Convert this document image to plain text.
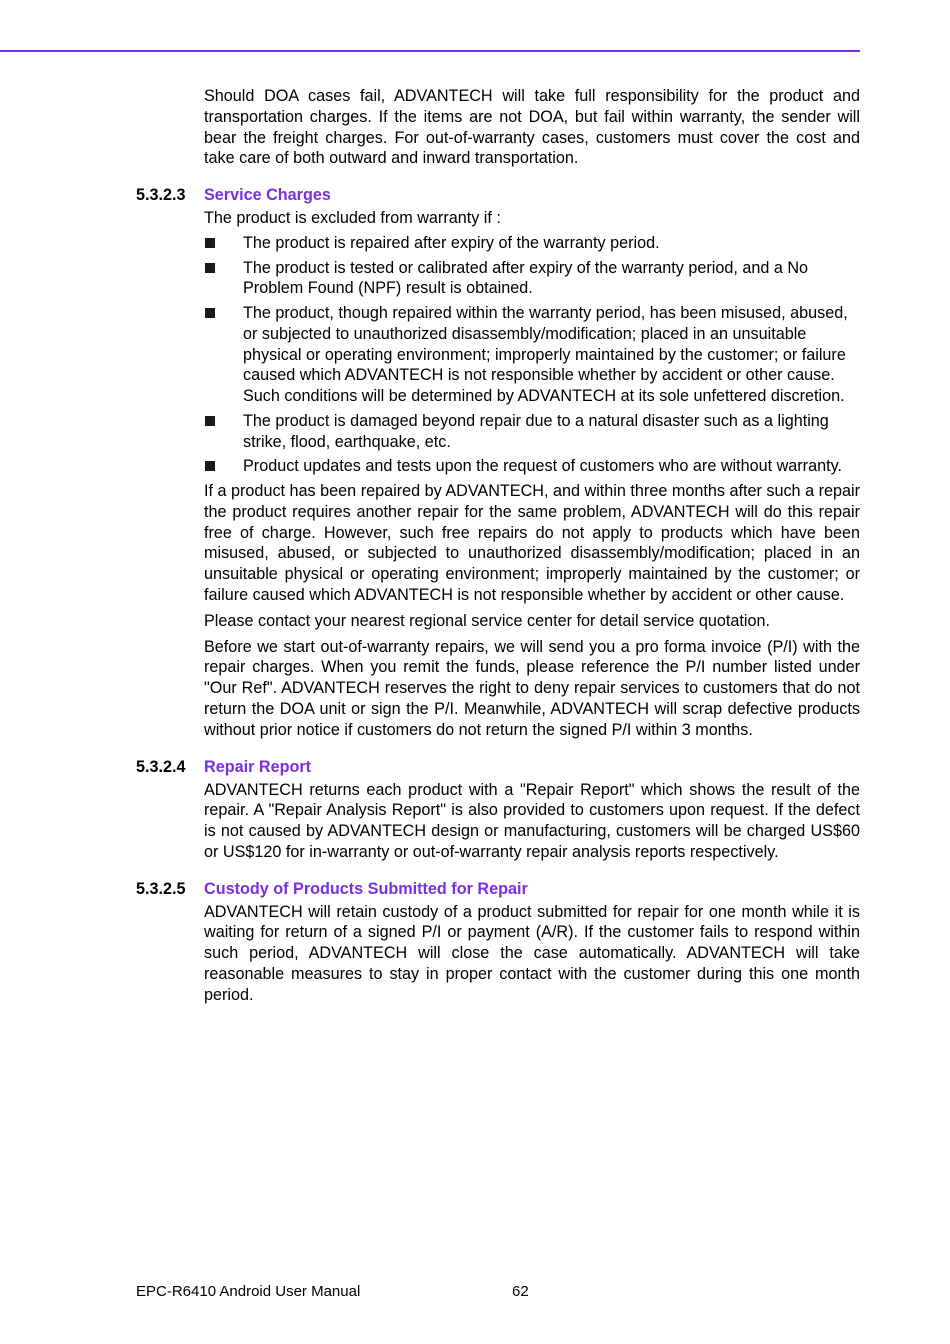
Should DOA cases fail, ADVANTECH will take full responsibility for the product and transportation charges. If the items are not DOA, but fail within warranty, the sender will bear the freight charges. For out-of-warranty cases, customers must cover the cost and take care of both outward and inward transportation.

5.3.2.3 Service Charges

The product is excluded from warranty if :

The product is repaired after expiry of the warranty period.
The product is tested or calibrated after expiry of the warranty period, and a No Problem Found (NPF) result is obtained.
The product, though repaired within the warranty period, has been misused, abused, or subjected to unauthorized disassembly/modification; placed in an unsuitable physical or operating environment; improperly maintained by the customer; or failure caused which ADVANTECH is not responsible whether by accident or other cause. Such conditions will be determined by ADVANTECH at its sole unfettered discretion.
The product is damaged beyond repair due to a natural disaster such as a lighting strike, flood, earthquake, etc.
Product updates and tests upon the request of customers who are without warranty.

If a product has been repaired by ADVANTECH, and within three months after such a repair the product requires another repair for the same problem, ADVANTECH will do this repair free of charge. However, such free repairs do not apply to products which have been misused, abused, or subjected to unauthorized disassembly/modification; placed in an unsuitable physical or operating environment; improperly maintained by the customer; or failure caused which ADVANTECH is not responsible whether by accident or other cause.

Please contact your nearest regional service center for detail service quotation.

Before we start out-of-warranty repairs, we will send you a pro forma invoice (P/I) with the repair charges. When you remit the funds, please reference the P/I number listed under "Our Ref". ADVANTECH reserves the right to deny repair services to customers that do not return the DOA unit or sign the P/I. Meanwhile, ADVANTECH will scrap defective products without prior notice if customers do not return the signed P/I within 3 months.

5.3.2.4 Repair Report

ADVANTECH returns each product with a "Repair Report" which shows the result of the repair. A "Repair Analysis Report" is also provided to customers upon request. If the defect is not caused by ADVANTECH design or manufacturing, customers will be charged US$60 or US$120 for in-warranty or out-of-warranty repair analysis reports respectively.

5.3.2.5 Custody of Products Submitted for Repair

ADVANTECH will retain custody of a product submitted for repair for one month while it is waiting for return of a signed P/I or payment (A/R). If the customer fails to respond within such period, ADVANTECH will close the case automatically. ADVANTECH will take reasonable measures to stay in proper contact with the customer during this one month period.

EPC-R6410 Android User Manual	62
